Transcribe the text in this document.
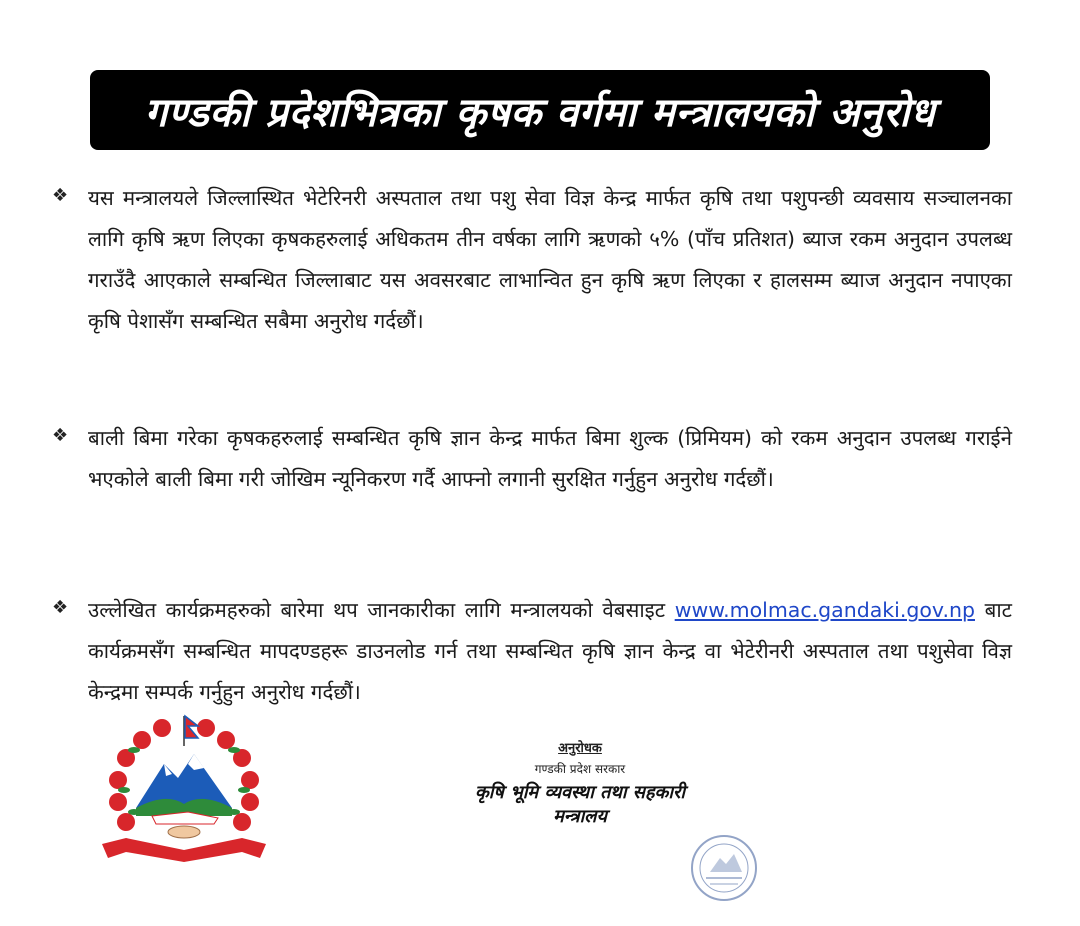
गण्डकी प्रदेशभित्रका कृषक वर्गमा मन्त्रालयको अनुरोध
❖ यस मन्त्रालयले जिल्लास्थित भेटेरिनरी अस्पताल तथा पशु सेवा विज्ञ केन्द्र मार्फत कृषि तथा पशुपन्छी व्यवसाय सञ्चालनका लागि कृषि ऋण लिएका कृषकहरुलाई अधिकतम तीन वर्षका लागि ऋणको ५% (पाँच प्रतिशत) ब्याज रकम अनुदान उपलब्ध गराउँदै आएकाले सम्बन्धित जिल्लाबाट यस अवसरबाट लाभान्वित हुन कृषि ऋण लिएका र हालसम्म ब्याज अनुदान नपाएका कृषि पेशासँग सम्बन्धित सबैमा अनुरोध गर्दछौं।
❖ बाली बिमा गरेका कृषकहरुलाई सम्बन्धित कृषि ज्ञान केन्द्र मार्फत बिमा शुल्क (प्रिमियम) को रकम अनुदान उपलब्ध गराईने भएकोले बाली बिमा गरी जोखिम न्यूनिकरण गर्दै आफ्नो लगानी सुरक्षित गर्नुहुन अनुरोध गर्दछौं।
❖ उल्लेखित कार्यक्रमहरुको बारेमा थप जानकारीका लागि मन्त्रालयको वेबसाइट www.molmac.gandaki.gov.np बाट कार्यक्रमसँग सम्बन्धित मापदण्डहरू डाउनलोड गर्न तथा सम्बन्धित कृषि ज्ञान केन्द्र वा भेटेरीनरी अस्पताल तथा पशुसेवा विज्ञ केन्द्रमा सम्पर्क गर्नुहुन अनुरोध गर्दछौं।
अनुरोधक
गण्डकी प्रदेश सरकार
कृषि भूमि व्यवस्था तथा सहकारी
मन्त्रालय
